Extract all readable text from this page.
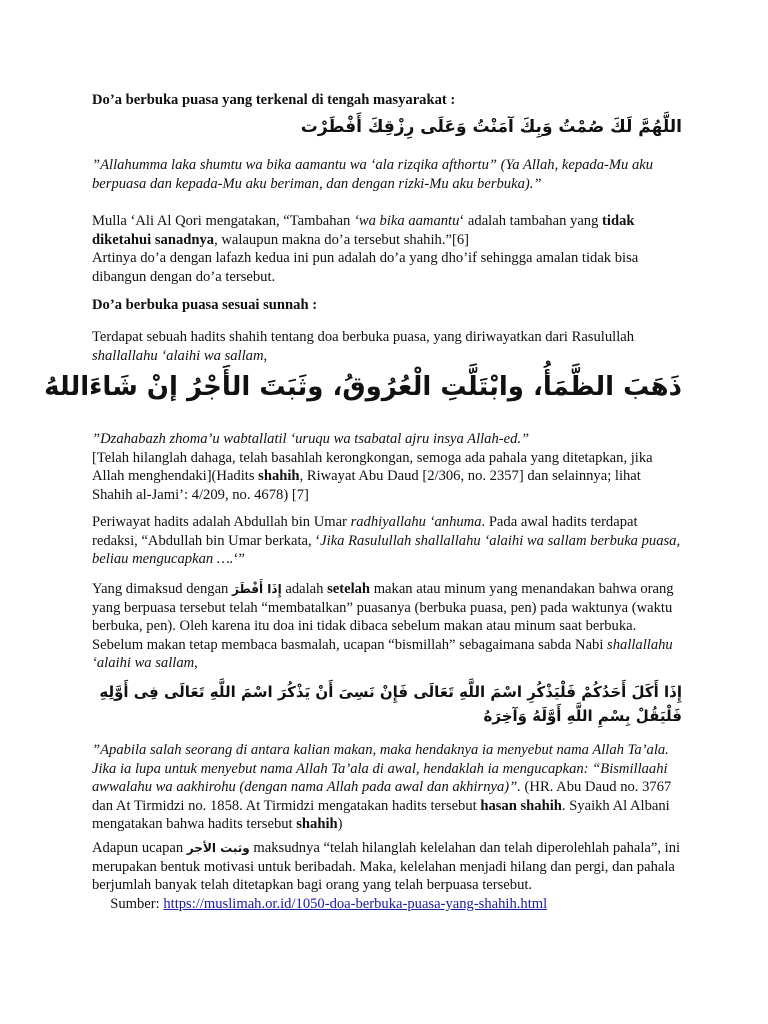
Do’a berbuka puasa yang terkenal di tengah masyarakat :

اللَّهُمَّ لَكَ صُمْتُ وَبِكَ آمَنْتُ وَعَلَى رِزْقِكَ أَفْطَرْت

”Allahumma laka shumtu wa bika aamantu wa ‘ala rizqika afthortu” (Ya Allah, kepada-Mu aku berpuasa dan kepada-Mu aku beriman, dan dengan rizki-Mu aku berbuka).”

Mulla ‘Ali Al Qori mengatakan, “Tambahan ‘wa bika aamantu‘ adalah tambahan yang tidak diketahui sanadnya, walaupun makna do’a tersebut shahih.”[6]
Artinya do’a dengan lafazh kedua ini pun adalah do’a yang dho’if sehingga amalan tidak bisa dibangun dengan do’a tersebut.

Do’a berbuka puasa sesuai sunnah :

Terdapat sebuah hadits shahih tentang doa berbuka puasa, yang diriwayatkan dari Rasulullah shallallahu ‘alaihi wa sallam,

ذَهَبَ الظَّمَأُ، وابْتَلَّتِ الْعُرُوقُ، وثَبَتَ الأَجْرُ إنْ شَاءَاللهُ

”Dzahabazh zhoma’u wabtallatil ‘uruqu wa tsabatal ajru insya Allah-ed.”
[Telah hilanglah dahaga, telah basahlah kerongkongan, semoga ada pahala yang ditetapkan, jika Allah menghendaki](Hadits shahih, Riwayat Abu Daud [2/306, no. 2357] dan selainnya; lihat Shahih al-Jami’: 4/209, no. 4678) [7]

Periwayat hadits adalah Abdullah bin Umar radhiyallahu ‘anhuma. Pada awal hadits terdapat redaksi, “Abdullah bin Umar berkata, ‘Jika Rasulullah shallallahu ‘alaihi wa sallam berbuka puasa, beliau mengucapkan ….‘”

Yang dimaksud dengan إِذَا أَفْطَرَ adalah setelah makan atau minum yang menandakan bahwa orang yang berpuasa tersebut telah “membatalkan” puasanya (berbuka puasa, pen) pada waktunya (waktu berbuka, pen). Oleh karena itu doa ini tidak dibaca sebelum makan atau minum saat berbuka. Sebelum makan tetap membaca basmalah, ucapan “bismillah” sebagaimana sabda Nabi shallallahu ‘alaihi wa sallam,

إِذَا أَكَلَ أَحَدُكُمْ فَلْيَذْكُرِ اسْمَ اللَّهِ تَعَالَى فَإِنْ نَسِىَ أَنْ يَذْكُرَ اسْمَ اللَّهِ تَعَالَى فِى أَوَّلِهِ فَلْيَقُلْ بِسْمِ اللَّهِ أَوَّلَهُ وَآخِرَهُ

”Apabila salah seorang di antara kalian makan, maka hendaknya ia menyebut nama Allah Ta’ala. Jika ia lupa untuk menyebut nama Allah Ta’ala di awal, hendaklah ia mengucapkan: “Bismillaahi awwalahu wa aakhirohu (dengan nama Allah pada awal dan akhirnya)”. (HR. Abu Daud no. 3767 dan At Tirmidzi no. 1858. At Tirmidzi mengatakan hadits tersebut hasan shahih. Syaikh Al Albani mengatakan bahwa hadits tersebut shahih)

Adapun ucapan وثبت الأجر maksudnya “telah hilanglah kelelahan dan telah diperolehlah pahala”, ini merupakan bentuk motivasi untuk beribadah. Maka, kelelahan menjadi hilang dan pergi, dan pahala berjumlah banyak telah ditetapkan bagi orang yang telah berpuasa tersebut.     Sumber: https://muslimah.or.id/1050-doa-berbuka-puasa-yang-shahih.html
